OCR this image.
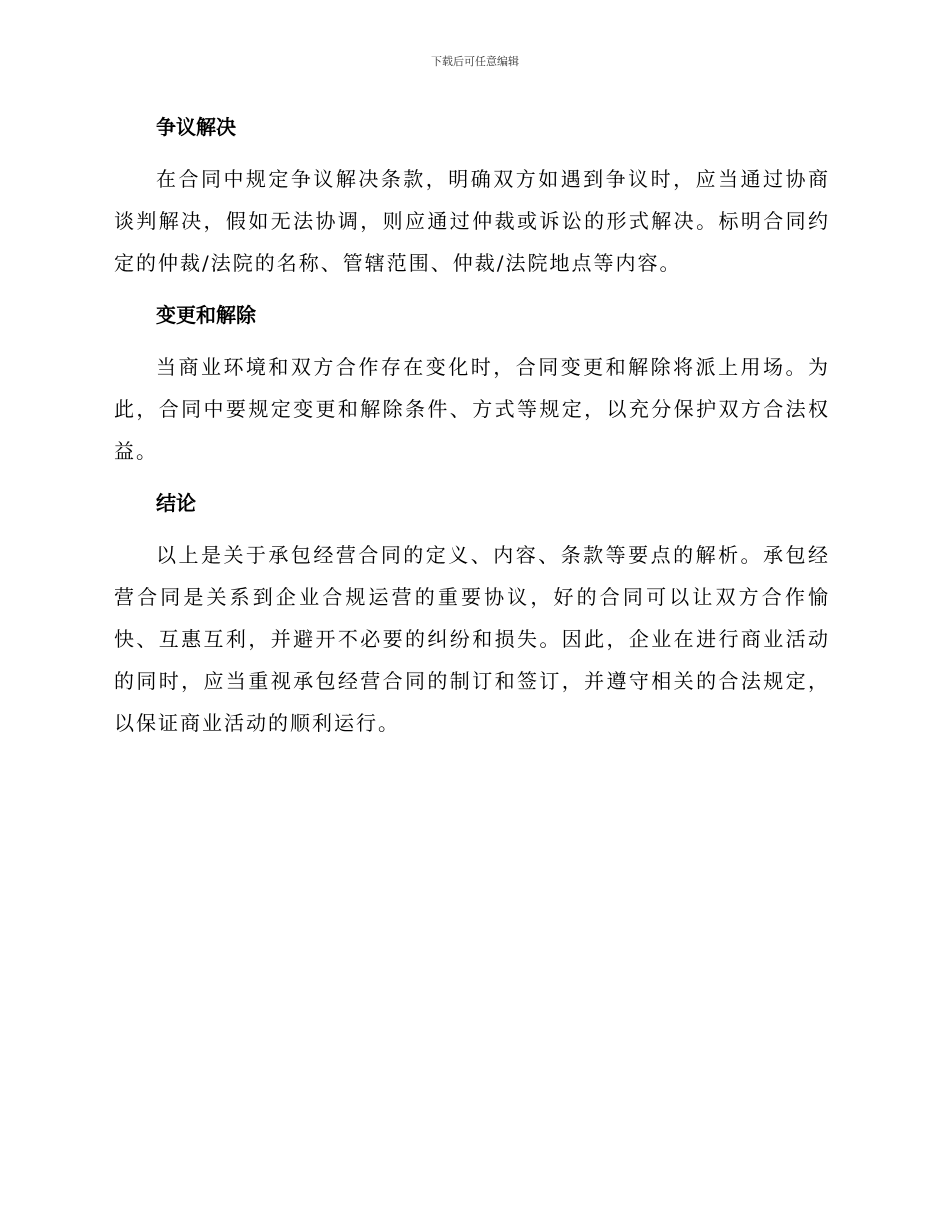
下载后可任意编辑
争议解决

在合同中规定争议解决条款，明确双方如遇到争议时，应当通过协商谈判解决，假如无法协调，则应通过仲裁或诉讼的形式解决。标明合同约定的仲裁/法院的名称、管辖范围、仲裁/法院地点等内容。

变更和解除

当商业环境和双方合作存在变化时，合同变更和解除将派上用场。为此，合同中要规定变更和解除条件、方式等规定，以充分保护双方合法权益。

结论

以上是关于承包经营合同的定义、内容、条款等要点的解析。承包经营合同是关系到企业合规运营的重要协议，好的合同可以让双方合作愉快、互惠互利，并避开不必要的纠纷和损失。因此，企业在进行商业活动的同时，应当重视承包经营合同的制订和签订，并遵守相关的合法规定，以保证商业活动的顺利运行。
